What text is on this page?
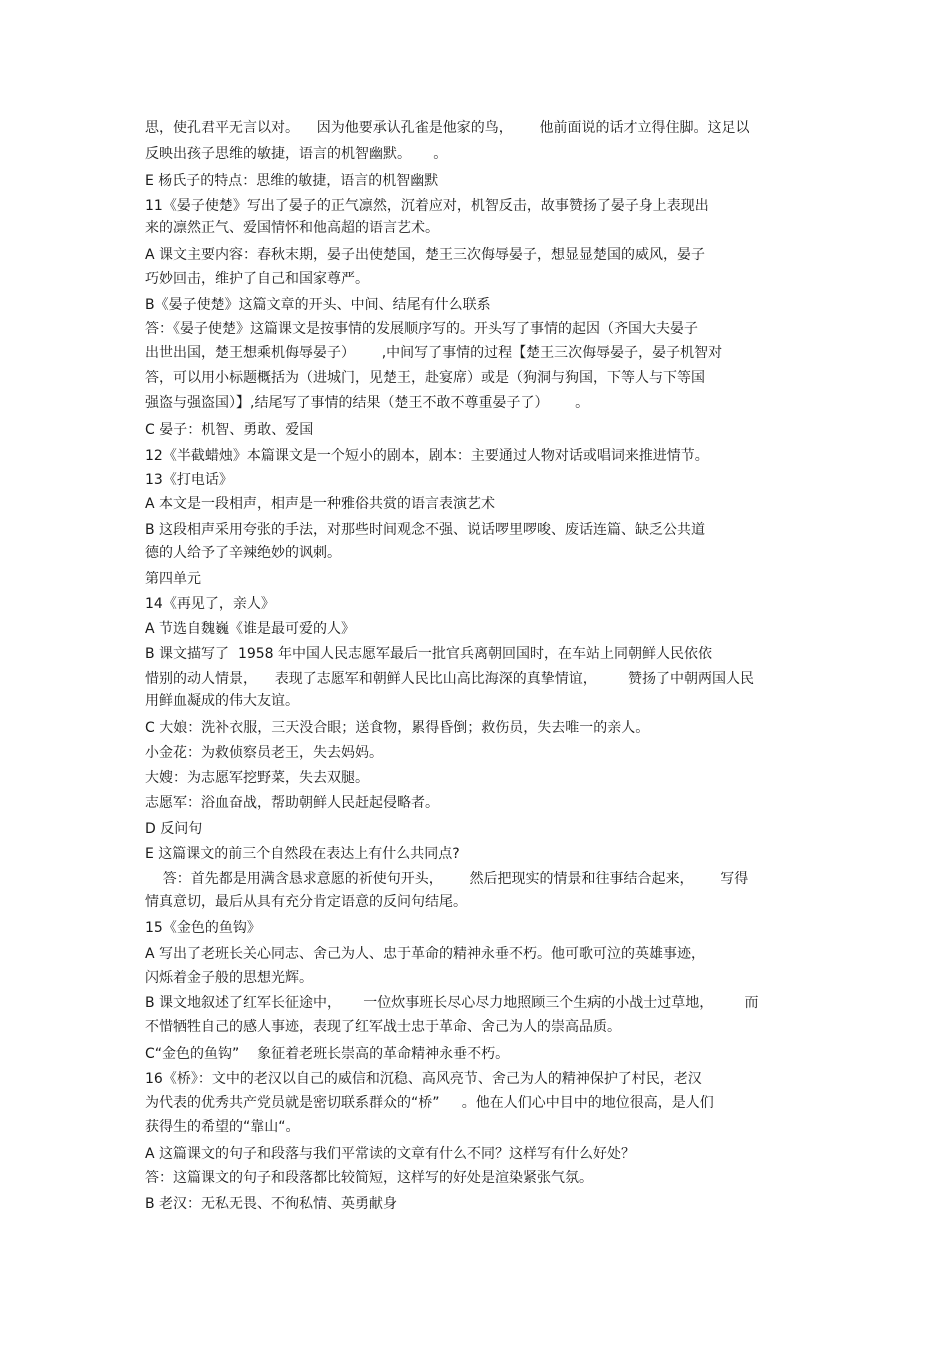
思，使孔君平无言以对。    因为他要承认孔雀是他家的鸟，      他前面说的话才立得住脚。这足以
反映出孩子思维的敏捷，语言的机智幽默。     。
E 杨氏子的特点：思维的敏捷，语言的机智幽默
11《晏子使楚》写出了晏子的正气凛然，沉着应对，机智反击，故事赞扬了晏子身上表现出
来的凛然正气、爱国情怀和他高超的语言艺术。
A 课文主要内容：春秋末期，晏子出使楚国，楚王三次侮辱晏子，想显显楚国的威风，晏子
巧妙回击，维护了自己和国家尊严。
B《晏子使楚》这篇文章的开头、中间、结尾有什么联系
答：《晏子使楚》这篇课文是按事情的发展顺序写的。开头写了事情的起因（齐国大夫晏子
出世出国，楚王想乘机侮辱晏子）      ,中间写了事情的过程【楚王三次侮辱晏子，晏子机智对
答，可以用小标题概括为（进城门，见楚王，赴宴席）或是（狗洞与狗国，下等人与下等国
强盗与强盗国）】,结尾写了事情的结果（楚王不敢不尊重晏子了）      。
C 晏子：机智、勇敢、爱国
12《半截蜡烛》本篇课文是一个短小的剧本，剧本：主要通过人物对话或唱词来推进情节。
13《打电话》
A 本文是一段相声，相声是一种雅俗共赏的语言表演艺术
B 这段相声采用夸张的手法，对那些时间观念不强、说话啰里啰唆、废话连篇、缺乏公共道
德的人给予了辛辣绝妙的讽刺。
第四单元
14《再见了，亲人》
A 节选自魏巍《谁是最可爱的人》
B 课文描写了  1958 年中国人民志愿军最后一批官兵离朝回国时，在车站上同朝鲜人民依依
惜别的动人情景，    表现了志愿军和朝鲜人民比山高比海深的真挚情谊，       赞扬了中朝两国人民
用鲜血凝成的伟大友谊。
C 大娘：洗补衣服，三天没合眼；送食物，累得昏倒；救伤员，失去唯一的亲人。
小金花：为救侦察员老王，失去妈妈。
大嫂：为志愿军挖野菜，失去双腿。
志愿军：浴血奋战，帮助朝鲜人民赶起侵略者。
D 反问句
E 这篇课文的前三个自然段在表达上有什么共同点?
答：首先都是用满含恳求意愿的祈使句开头，      然后把现实的情景和往事结合起来，      写得
情真意切，最后从具有充分肯定语意的反问句结尾。
15《金色的鱼钩》
A 写出了老班长关心同志、舍己为人、忠于革命的精神永垂不朽。他可歌可泣的英雄事迹，
闪烁着金子般的思想光辉。
B 课文地叙述了红军长征途中，     一位炊事班长尽心尽力地照顾三个生病的小战士过草地，       而
不惜牺牲自己的感人事迹，表现了红军战士忠于革命、舍己为人的崇高品质。
C“金色的鱼钩”    象征着老班长崇高的革命精神永垂不朽。
16《桥》：文中的老汉以自己的威信和沉稳、高风亮节、舍己为人的精神保护了村民，老汉
为代表的优秀共产党员就是密切联系群众的“桥”     。他在人们心中目中的地位很高，是人们
获得生的希望的“靠山“。
A 这篇课文的句子和段落与我们平常读的文章有什么不同？这样写有什么好处？
答：这篇课文的句子和段落都比较简短，这样写的好处是渲染紧张气氛。
B 老汉：无私无畏、不徇私情、英勇献身
